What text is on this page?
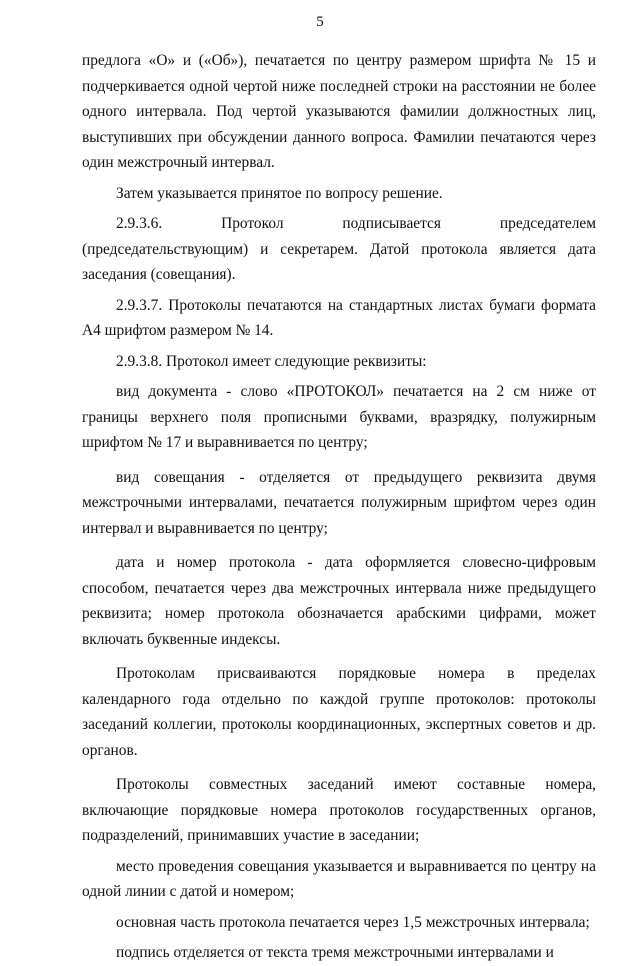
5

предлога «О» и («Об»), печатается по центру размером шрифта № 15 и подчеркивается одной чертой ниже последней строки на расстоянии не более одного интервала. Под чертой указываются фамилии должностных лиц, выступивших при обсуждении данного вопроса. Фамилии печатаются через один межстрочный интервал.

Затем указывается принятое по вопросу решение.

2.9.3.6. Протокол подписывается председателем (председательствующим) и секретарем. Датой протокола является дата заседания (совещания).

2.9.3.7. Протоколы печатаются на стандартных листах бумаги формата А4 шрифтом размером № 14.

2.9.3.8. Протокол имеет следующие реквизиты:

вид документа - слово «ПРОТОКОЛ» печатается на 2 см ниже от границы верхнего поля прописными буквами, вразрядку, полужирным шрифтом № 17 и выравнивается по центру;

вид совещания - отделяется от предыдущего реквизита двумя межстрочными интервалами, печатается полужирным шрифтом через один интервал и выравнивается по центру;

дата и номер протокола - дата оформляется словесно-цифровым способом, печатается через два межстрочных интервала ниже предыдущего реквизита; номер протокола обозначается арабскими цифрами, может включать буквенные индексы.

Протоколам присваиваются порядковые номера в пределах календарного года отдельно по каждой группе протоколов: протоколы заседаний коллегии, протоколы координационных, экспертных советов и др. органов.

Протоколы совместных заседаний имеют составные номера, включающие порядковые номера протоколов государственных органов, подразделений, принимавших участие в заседании;

место проведения совещания указывается и выравнивается по центру на одной линии с датой и номером;

основная часть протокола печатается через 1,5 межстрочных интервала;

подпись отделяется от текста тремя межстрочными интервалами и
